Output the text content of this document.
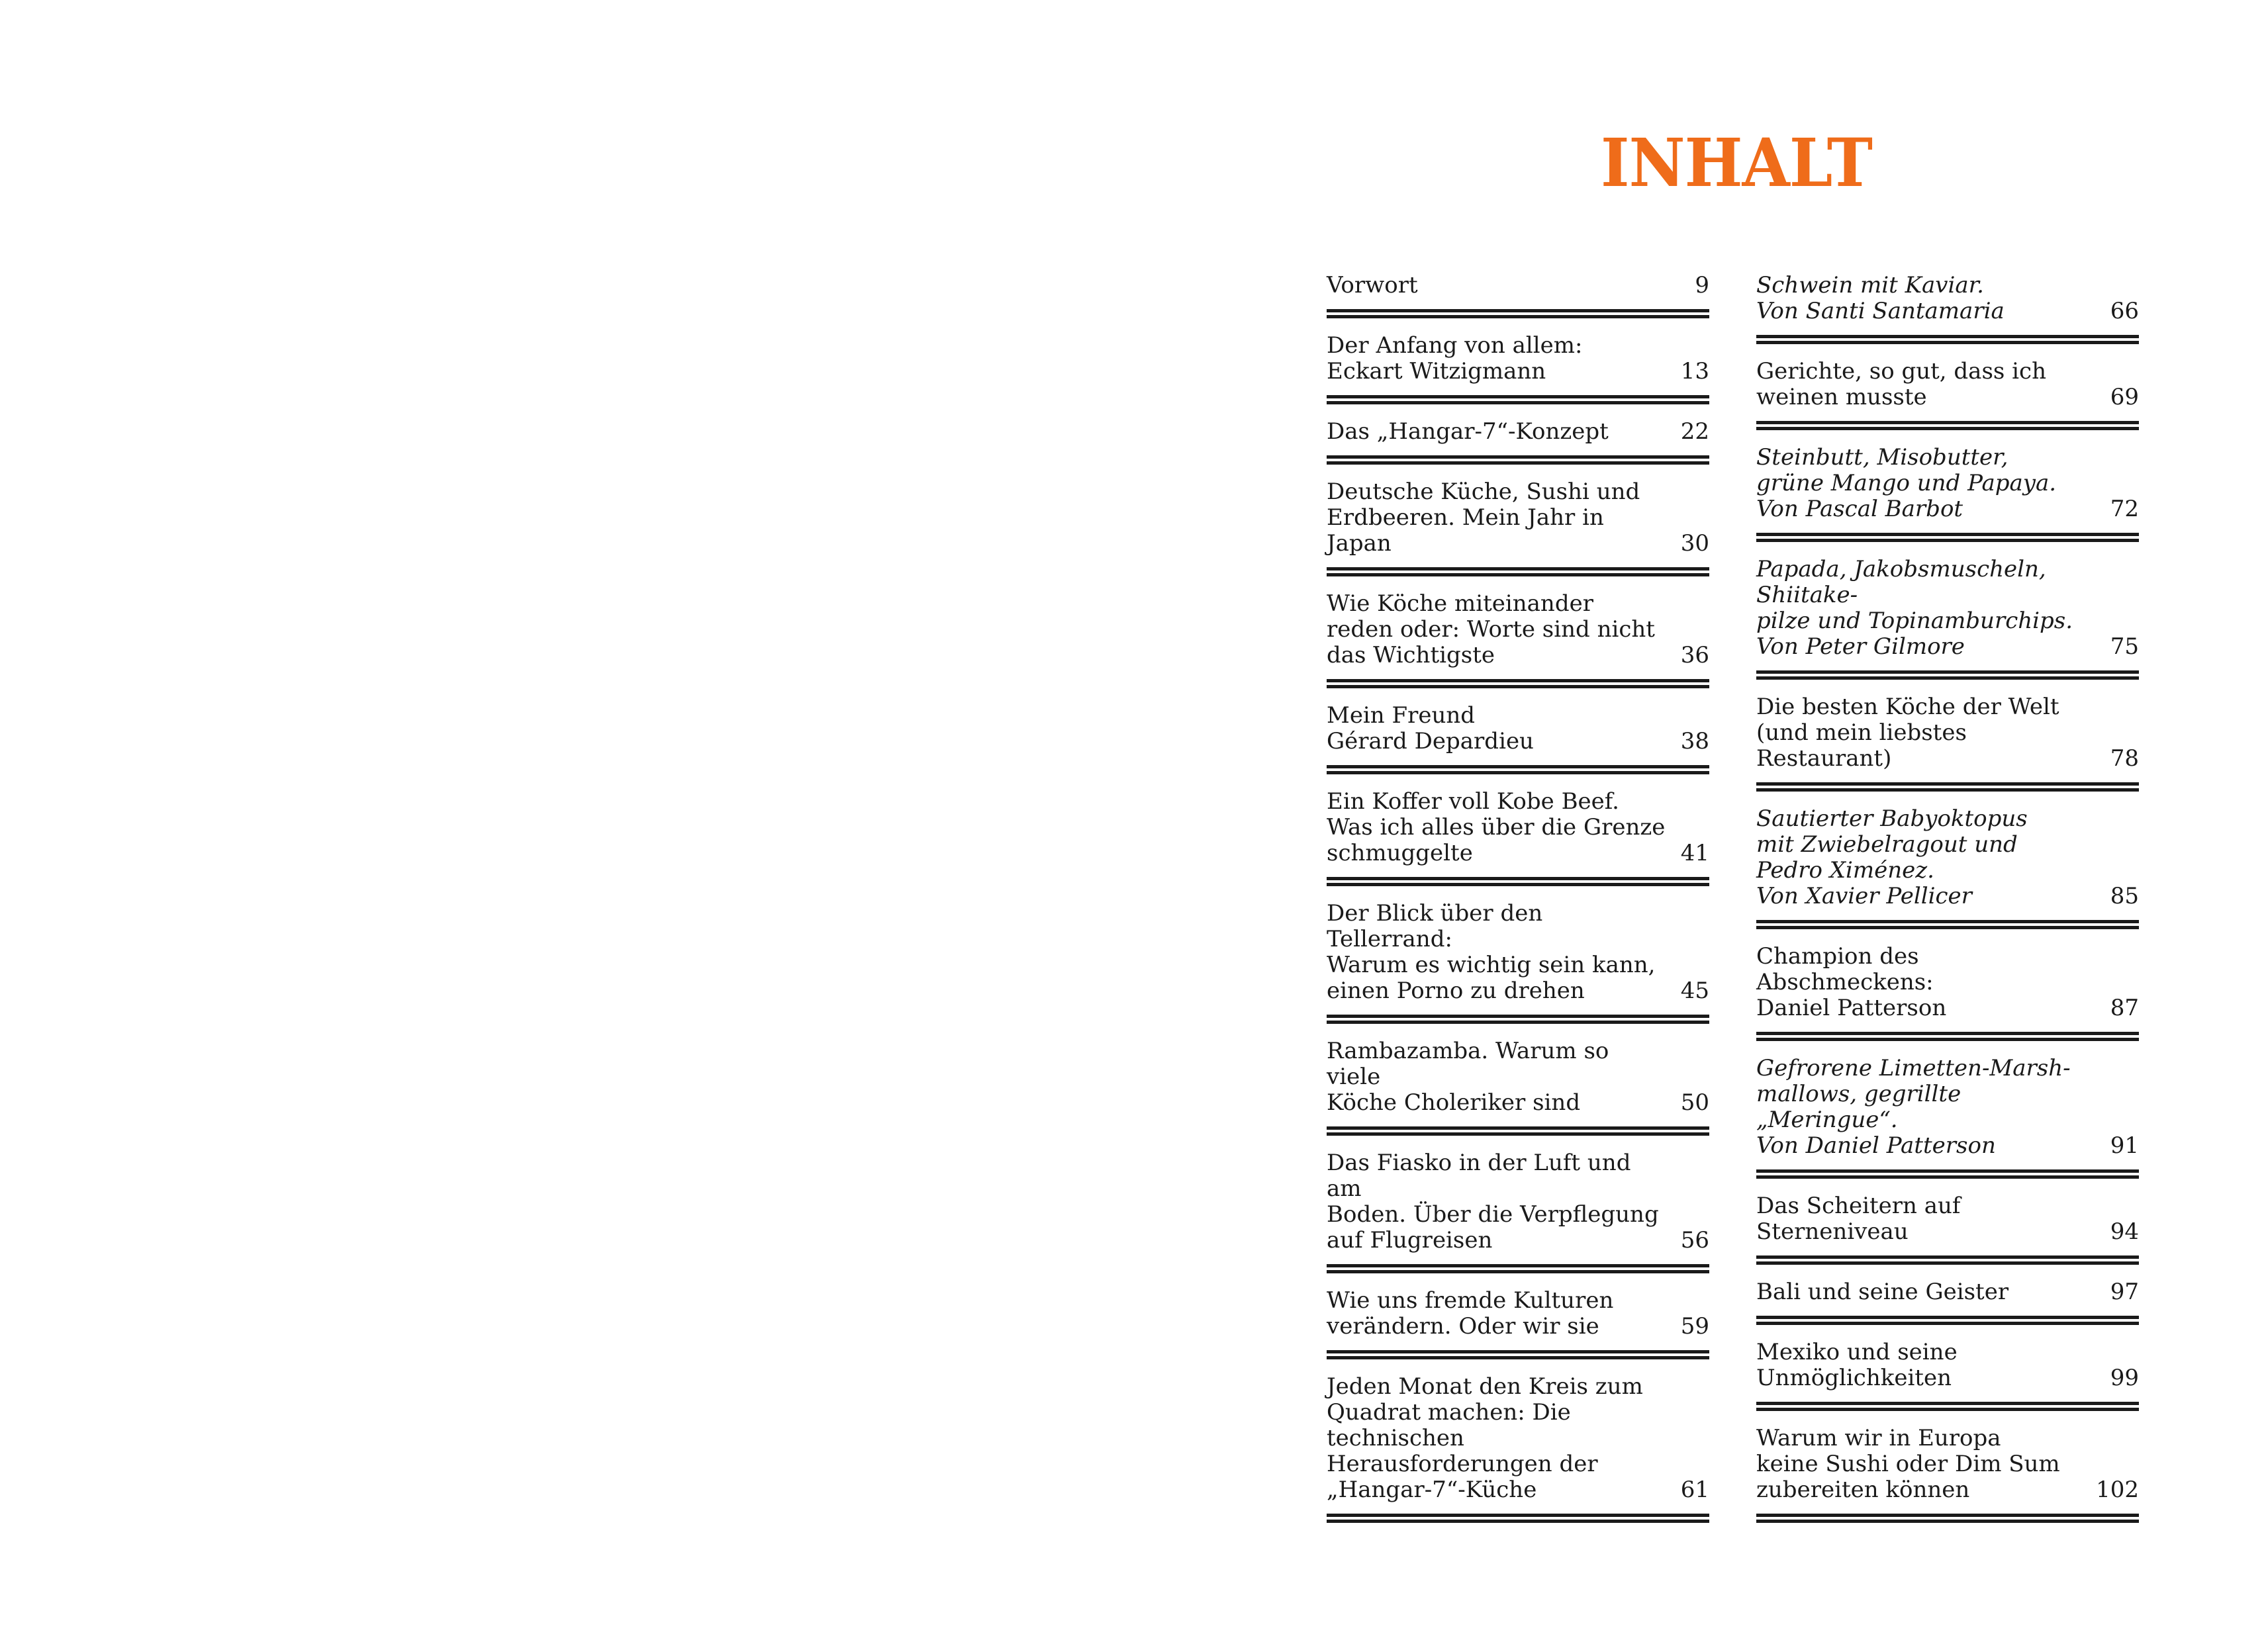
INHALT
Vorwort	9
Der Anfang von allem:
Eckart Witzigmann	13
Das „Hangar-7“-Konzept	22
Deutsche Küche, Sushi und
Erdbeeren. Mein Jahr in Japan	30
Wie Köche miteinander
reden oder: Worte sind nicht
das Wichtigste	36
Mein Freund
Gérard Depardieu	38
Ein Koffer voll Kobe Beef.
Was ich alles über die Grenze
schmuggelte	41
Der Blick über den Tellerrand:
Warum es wichtig sein kann,
einen Porno zu drehen	45
Rambazamba. Warum so viele
Köche Choleriker sind	50
Das Fiasko in der Luft und am
Boden. Über die Verpflegung
auf Flugreisen	56
Wie uns fremde Kulturen
verändern. Oder wir sie	59
Jeden Monat den Kreis zum
Quadrat machen: Die technischen
Herausforderungen der
„Hangar-7“-Küche	61
Schwein mit Kaviar.
Von Santi Santamaria	66
Gerichte, so gut, dass ich
weinen musste	69
Steinbutt, Misobutter,
grüne Mango und Papaya.
Von Pascal Barbot	72
Papada, Jakobsmuscheln, Shiitake-
pilze und Topinamburchips.
Von Peter Gilmore	75
Die besten Köche der Welt
(und mein liebstes Restaurant)	78
Sautierter Babyoktopus
mit Zwiebelragout und
Pedro Ximénez.
Von Xavier Pellicer	85
Champion des Abschmeckens:
Daniel Patterson	87
Gefrorene Limetten-Marsh-
mallows, gegrillte „Meringue“.
Von Daniel Patterson	91
Das Scheitern auf Sterneniveau	94
Bali und seine Geister	97
Mexiko und seine
Unmöglichkeiten	99
Warum wir in Europa
keine Sushi oder Dim Sum
zubereiten können	102
